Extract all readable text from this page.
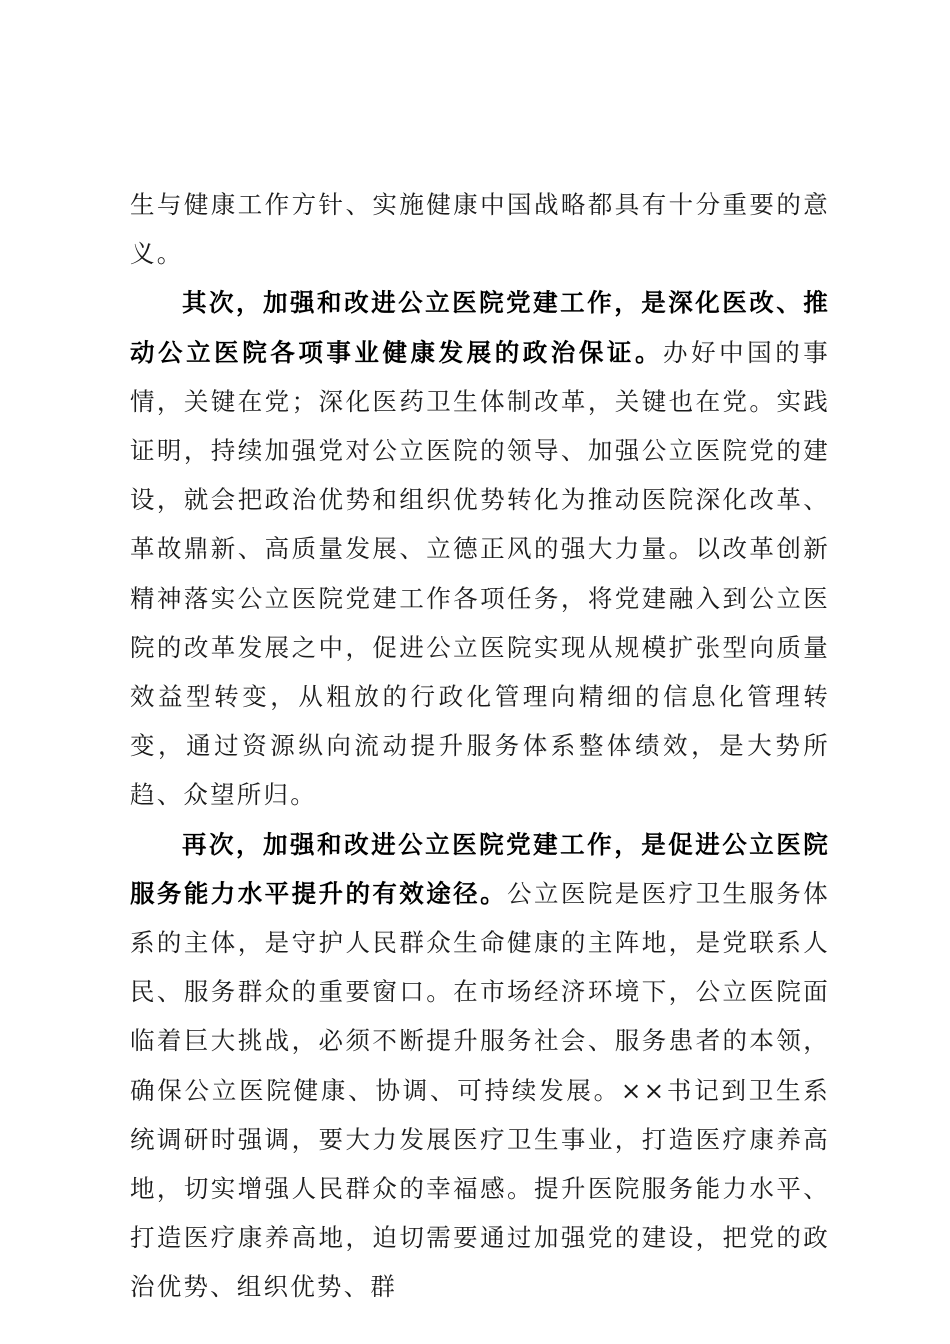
生与健康工作方针、实施健康中国战略都具有十分重要的意义。

其次，加强和改进公立医院党建工作，是深化医改、推动公立医院各项事业健康发展的政治保证。办好中国的事情，关键在党；深化医药卫生体制改革，关键也在党。实践证明，持续加强党对公立医院的领导、加强公立医院党的建设，就会把政治优势和组织优势转化为推动医院深化改革、革故鼎新、高质量发展、立德正风的强大力量。以改革创新精神落实公立医院党建工作各项任务，将党建融入到公立医院的改革发展之中，促进公立医院实现从规模扩张型向质量效益型转变，从粗放的行政化管理向精细的信息化管理转变，通过资源纵向流动提升服务体系整体绩效，是大势所趋、众望所归。

再次，加强和改进公立医院党建工作，是促进公立医院服务能力水平提升的有效途径。公立医院是医疗卫生服务体系的主体，是守护人民群众生命健康的主阵地，是党联系人民、服务群众的重要窗口。在市场经济环境下，公立医院面临着巨大挑战，必须不断提升服务社会、服务患者的本领，确保公立医院健康、协调、可持续发展。××书记到卫生系统调研时强调，要大力发展医疗卫生事业，打造医疗康养高地，切实增强人民群众的幸福感。提升医院服务能力水平、打造医疗康养高地，迫切需要通过加强党的建设，把党的政治优势、组织优势、群
